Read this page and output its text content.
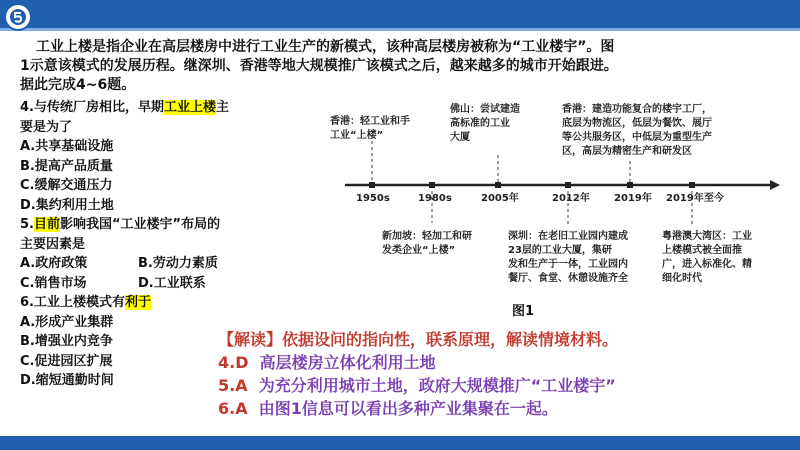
工业上楼是指企业在高层楼房中进行工业生产的新模式，该种高层楼房被称为“工业楼宇”。图
1示意该模式的发展历程。继深圳、香港等地大规模推广该模式之后，越来越多的城市开始跟进。
据此完成4~6题。
4.与传统厂房相比，早期工业上楼主
要是为了
A.共享基础设施
B.提高产品质量
C.缓解交通压力
D.集约利用土地
5.目前影响我国“工业楼宇”布局的
主要因素是
A.政府政策	B.劳动力素质
C.销售市场	D.工业联系
6.工业上楼模式有利于
A.形成产业集群
B.增强业内竞争
C.促进园区扩展
D.缩短通勤时间
1950s	1980s	2005年	2012年 2019年 2019年至今
香港：轻工业和手
工业“上楼”
佛山：尝试建造
高标准的工业
大厦
香港：建造功能复合的楼宇工厂，
底层为物流区，低层为餐饮、展厅
等公共服务区，中低层为重型生产
区，高层为精密生产和研发区
新加坡：轻加工和研
发类企业“上楼”
深圳：在老旧工业园内建成
23层的工业大厦，集研
发和生产于一体，工业园内
餐厅、食堂、休憩设施齐全
粤港澳大湾区：工业
上楼模式被全面推
广，进入标准化、精
细化时代
图1
【解读】依据设问的指向性，联系原理，解读情境材料。
4.D 高层楼房立体化利用土地
5.A 为充分利用城市土地，政府大规模推广“工业楼宇”
6.A 由图1信息可以看出多种产业集聚在一起。
